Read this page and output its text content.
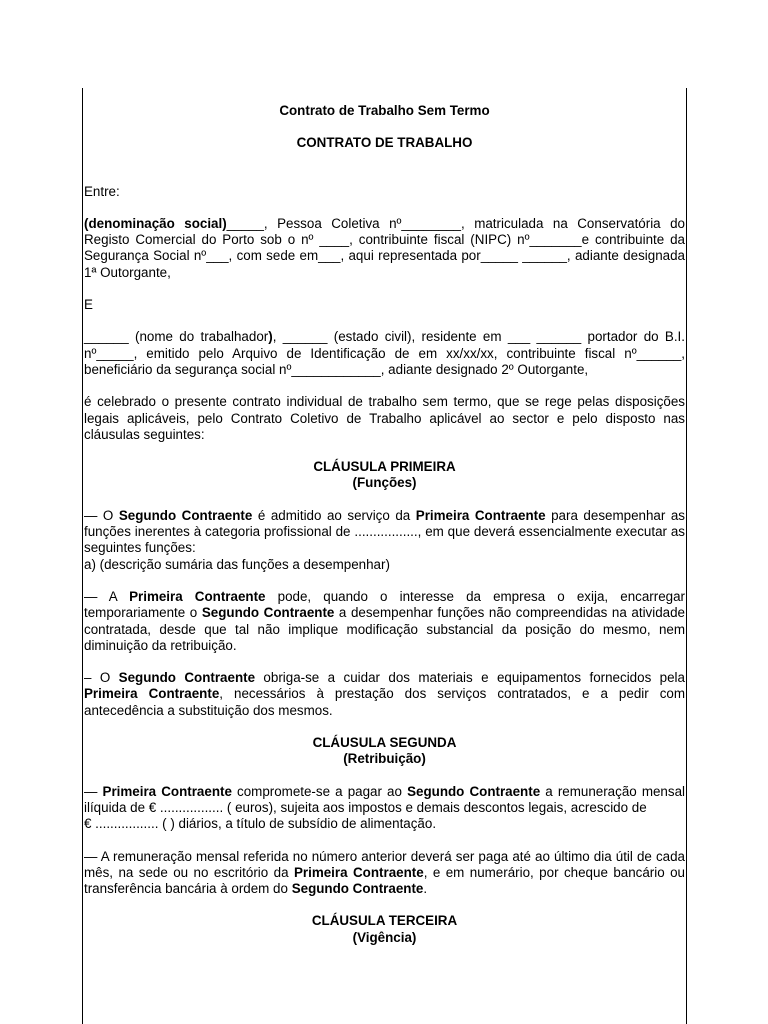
Contrato de Trabalho Sem Termo

CONTRATO DE TRABALHO

Entre:

(denominação social)_____, Pessoa Coletiva nº________, matriculada na Conservatória do Registo Comercial do Porto sob o nº ____, contribuinte fiscal (NIPC) nº_______e contribuinte da Segurança Social nº___, com sede em___, aqui representada por_____ ______, adiante designada 1ª Outorgante,

E

______ (nome do trabalhador), ______ (estado civil), residente em ___ ______ portador do B.I. nº_____, emitido pelo Arquivo de Identificação de em xx/xx/xx, contribuinte fiscal nº______, beneficiário da segurança social nº____________, adiante designado 2º Outorgante,

é celebrado o presente contrato individual de trabalho sem termo, que se rege pelas disposições legais aplicáveis, pelo Contrato Coletivo de Trabalho aplicável ao sector e pelo disposto nas cláusulas seguintes:

CLÁUSULA PRIMEIRA

(Funções)

— O Segundo Contraente é admitido ao serviço da Primeira Contraente para desempenhar as funções inerentes à categoria profissional de ................., em que deverá essencialmente executar as seguintes funções:

a) (descrição sumária das funções a desempenhar)

— A Primeira Contraente pode, quando o interesse da empresa o exija, encarregar temporariamente o Segundo Contraente a desempenhar funções não compreendidas na atividade contratada, desde que tal não implique modificação substancial da posição do mesmo, nem diminuição da retribuição.

– O Segundo Contraente obriga-se a cuidar dos materiais e equipamentos fornecidos pela Primeira Contraente, necessários à prestação dos serviços contratados, e a pedir com antecedência a substituição dos mesmos.

CLÁUSULA SEGUNDA

(Retribuição)

— Primeira Contraente compromete-se a pagar ao Segundo Contraente a remuneração mensal ilíquida de € ................. ( euros), sujeita aos impostos e demais descontos legais, acrescido de

€ ................. ( ) diários, a título de subsídio de alimentação.

— A remuneração mensal referida no número anterior deverá ser paga até ao último dia útil de cada mês, na sede ou no escritório da Primeira Contraente, e em numerário, por cheque bancário ou transferência bancária à ordem do Segundo Contraente.

CLÁUSULA TERCEIRA

(Vigência)
